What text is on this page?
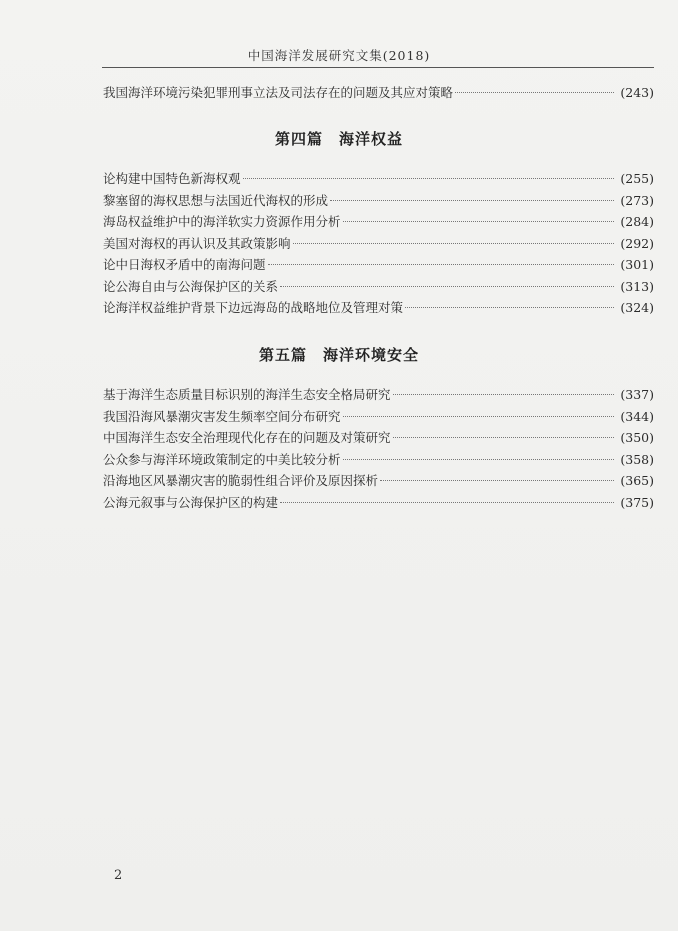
中国海洋发展研究文集(2018)
我国海洋环境污染犯罪刑事立法及司法存在的问题及其应对策略	(243)
第四篇　海洋权益
论构建中国特色新海权观	(255)
黎塞留的海权思想与法国近代海权的形成	(273)
海岛权益维护中的海洋软实力资源作用分析	(284)
美国对海权的再认识及其政策影响	(292)
论中日海权矛盾中的南海问题	(301)
论公海自由与公海保护区的关系	(313)
论海洋权益维护背景下边远海岛的战略地位及管理对策	(324)
第五篇　海洋环境安全
基于海洋生态质量目标识别的海洋生态安全格局研究	(337)
我国沿海风暴潮灾害发生频率空间分布研究	(344)
中国海洋生态安全治理现代化存在的问题及对策研究	(350)
公众参与海洋环境政策制定的中美比较分析	(358)
沿海地区风暴潮灾害的脆弱性组合评价及原因探析	(365)
公海元叙事与公海保护区的构建	(375)
2
